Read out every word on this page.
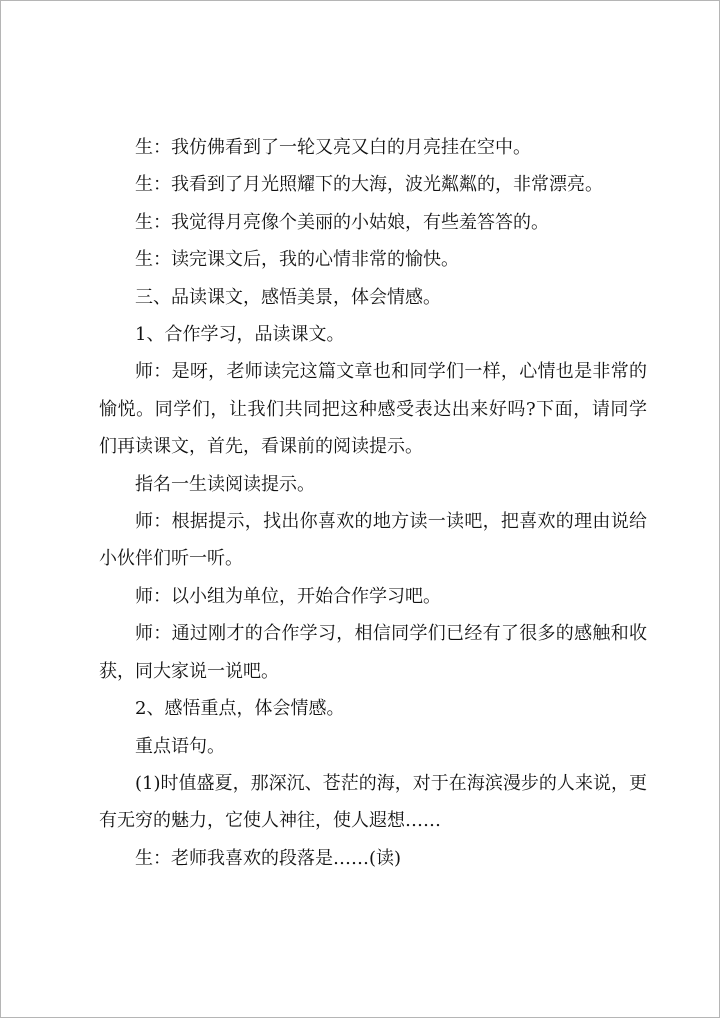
生：我仿佛看到了一轮又亮又白的月亮挂在空中。

生：我看到了月光照耀下的大海，波光粼粼的，非常漂亮。

生：我觉得月亮像个美丽的小姑娘，有些羞答答的。

生：读完课文后，我的心情非常的愉快。

三、品读课文，感悟美景，体会情感。

1、合作学习，品读课文。

师：是呀，老师读完这篇文章也和同学们一样，心情也是非常的愉悦。同学们，让我们共同把这种感受表达出来好吗?下面，请同学们再读课文，首先，看课前的阅读提示。

指名一生读阅读提示。

师：根据提示，找出你喜欢的地方读一读吧，把喜欢的理由说给小伙伴们听一听。

师：以小组为单位，开始合作学习吧。

师：通过刚才的合作学习，相信同学们已经有了很多的感触和收获，同大家说一说吧。

2、感悟重点，体会情感。

重点语句。

(1)时值盛夏，那深沉、苍茫的海，对于在海滨漫步的人来说，更有无穷的魅力，它使人神往，使人遐想……

生：老师我喜欢的段落是……(读)
